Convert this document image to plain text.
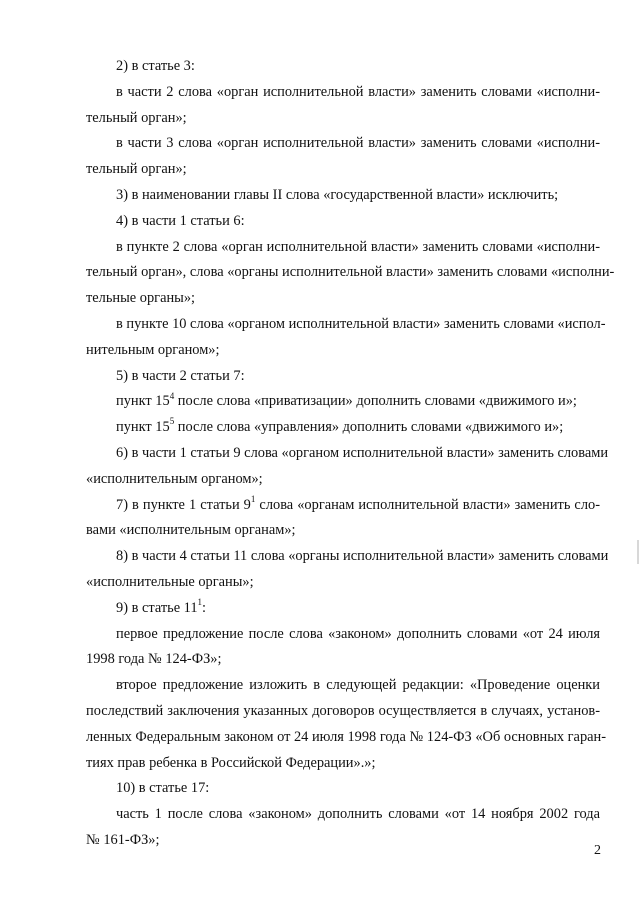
2) в статье 3:

в части 2 слова «орган исполнительной власти» заменить словами «исполни-

тельный орган»;

в части 3 слова «орган исполнительной власти» заменить словами «исполни-

тельный орган»;

3) в наименовании главы II слова «государственной власти» исключить;

4) в части 1 статьи 6:

в пункте 2 слова «орган исполнительной власти» заменить словами «исполни-

тельный орган», слова «органы исполнительной власти» заменить словами «исполни-

тельные органы»;

в пункте 10 слова «органом исполнительной власти» заменить словами «испол-

нительным органом»;

5) в части 2 статьи 7:

пункт $15^4$ после слова «приватизации» дополнить словами «движимого и»;

пункт $15^5$ после слова «управления» дополнить словами «движимого и»;

6) в части 1 статьи 9 слова «органом исполнительной власти» заменить словами

«исполнительным органом»;

7) в пункте 1 статьи $9^1$ слова «органам исполнительной власти» заменить сло-

вами «исполнительным органам»;

8) в части 4 статьи 11 слова «органы исполнительной власти» заменить словами

«исполнительные органы»;

9) в статье $11^1$:

первое предложение после слова «законом» дополнить словами «от 24 июля

1998 года № 124-ФЗ»;

второе предложение изложить в следующей редакции: «Проведение оценки

последствий заключения указанных договоров осуществляется в случаях, установ-

ленных Федеральным законом от 24 июля 1998 года № 124-ФЗ «Об основных гаран-

тиях прав ребенка в Российской Федерации».»;

10) в статье 17:

часть 1 после слова «законом» дополнить словами «от 14 ноября 2002 года

№ 161-ФЗ»;

2
